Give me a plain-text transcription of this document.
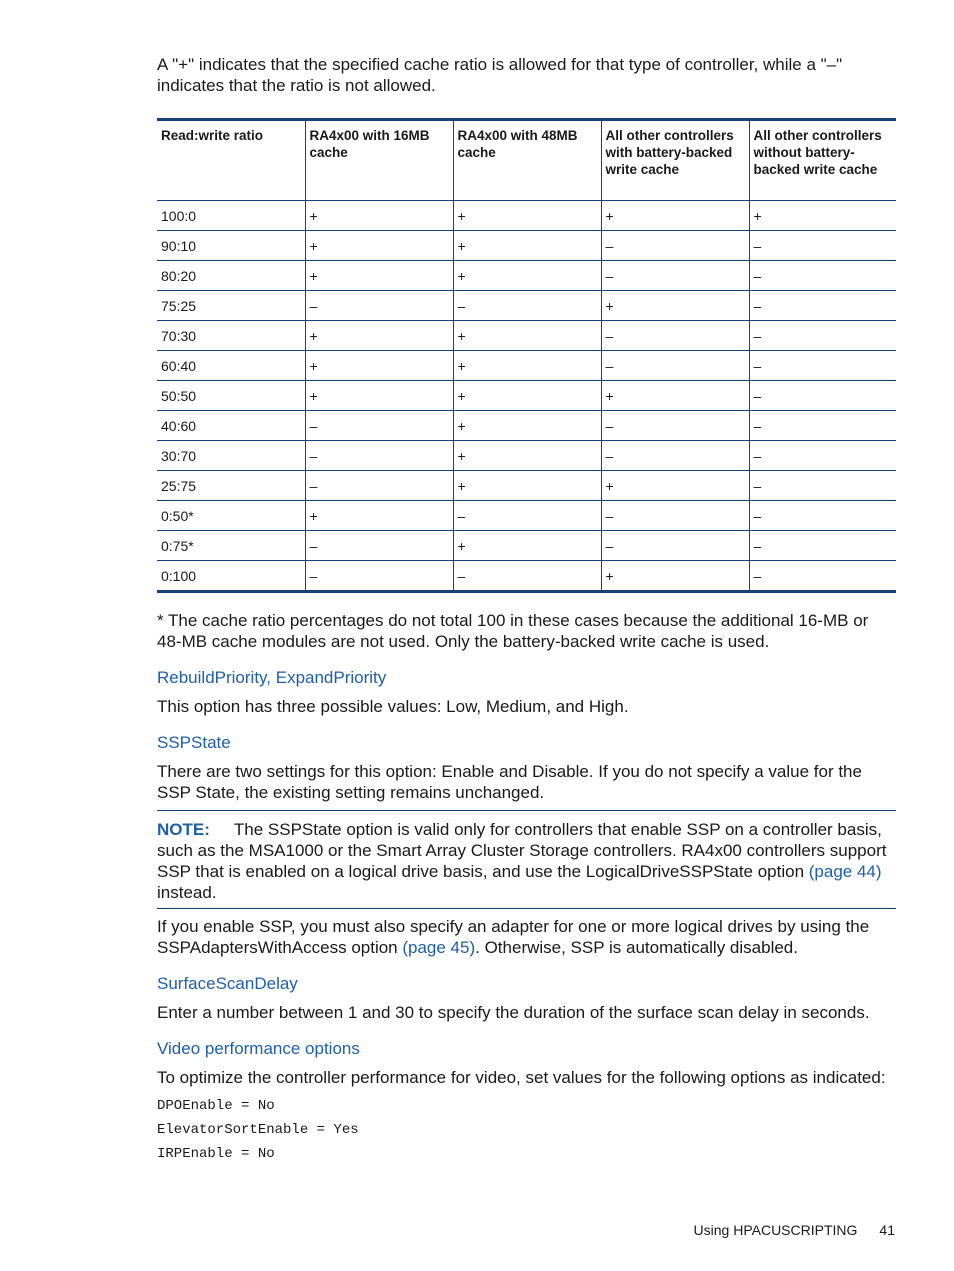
A "+" indicates that the specified cache ratio is allowed for that type of controller, while a "–" indicates that the ratio is not allowed.

Read:write ratio	RA4x00 with 16MB cache	RA4x00 with 48MB cache	All other controllers with battery-backed write cache	All other controllers without battery-backed write cache
100:0	+	+	+	+
90:10	+	+	–	–
80:20	+	+	–	–
75:25	–	–	+	–
70:30	+	+	–	–
60:40	+	+	–	–
50:50	+	+	+	–
40:60	–	+	–	–
30:70	–	+	–	–
25:75	–	+	+	–
0:50*	+	–	–	–
0:75*	–	+	–	–
0:100	–	–	+	–

* The cache ratio percentages do not total 100 in these cases because the additional 16-MB or 48-MB cache modules are not used. Only the battery-backed write cache is used.

RebuildPriority, ExpandPriority

This option has three possible values: Low, Medium, and High.

SSPState

There are two settings for this option: Enable and Disable. If you do not specify a value for the SSP State, the existing setting remains unchanged.

NOTE: The SSPState option is valid only for controllers that enable SSP on a controller basis, such as the MSA1000 or the Smart Array Cluster Storage controllers. RA4x00 controllers support SSP that is enabled on a logical drive basis, and use the LogicalDriveSSPState option (page 44) instead.

If you enable SSP, you must also specify an adapter for one or more logical drives by using the SSPAdaptersWithAccess option (page 45). Otherwise, SSP is automatically disabled.

SurfaceScanDelay

Enter a number between 1 and 30 to specify the duration of the surface scan delay in seconds.

Video performance options

To optimize the controller performance for video, set values for the following options as indicated:

DPOEnable = No
ElevatorSortEnable = Yes
IRPEnable = No
Using HPACUSCRIPTING 41
